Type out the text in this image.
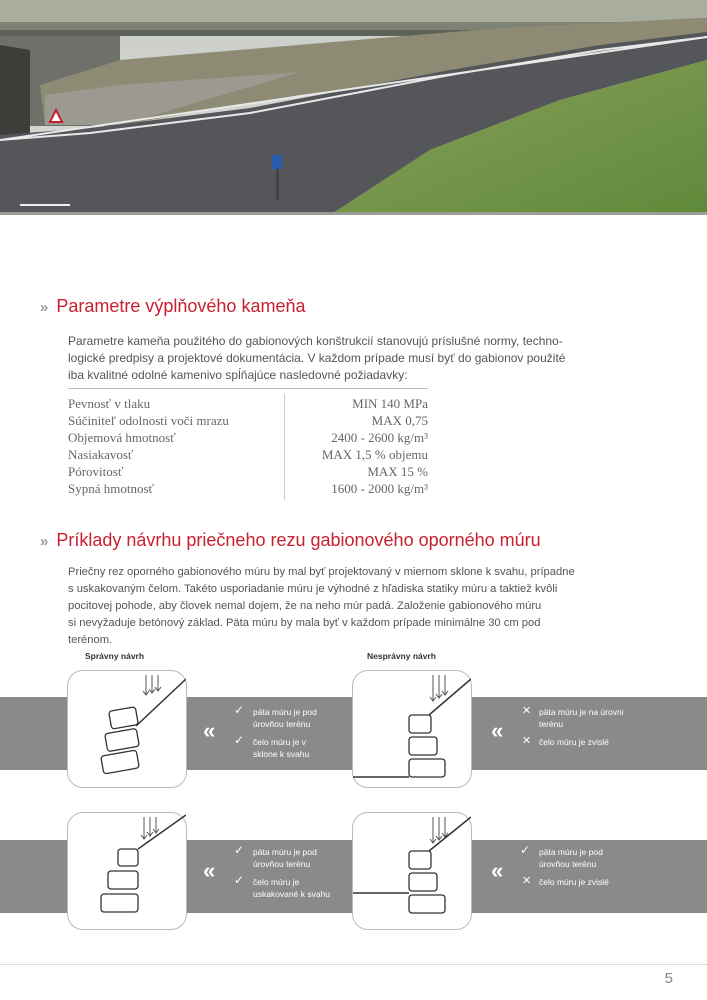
» Parametre výplňového kameňa
Parametre kameňa použitého do gabionových konštrukcií stanovujú príslušné normy, techno-
logické predpisy a projektové dokumentácia. V každom prípade musí byť do gabionov použité
iba kvalitné odolné kamenivo spĺňajúce nasledovné požiadavky:
Pevnosť v tlaku	MIN 140 MPa
Súčiniteľ odolnosti voči mrazu	MAX 0,75
Objemová hmotnosť	2400 - 2600 kg/m³
Nasiakavosť	MAX 1,5 % objemu
Pórovitosť	MAX 15 %
Sypná hmotnosť	1600 - 2000 kg/m³
» Príklady návrhu priečneho rezu gabionového oporného múru
Priečny rez oporného gabionového múru by mal byť projektovaný v miernom sklone k svahu, prípadne
s uskakovaným čelom. Takéto usporiadanie múru je výhodné z hľadiska statiky múru a taktiež kvôli
pocitovej pohode, aby človek nemal dojem, že na neho múr padá. Založenie gabionového múru
si nevyžaduje betónový základ. Päta múru by mala byť v každom prípade minimálne 30 cm pod terénom.
Správny návrh	Nesprávny návrh
«
✓ päta múru je pod
úrovňou terénu
✓ čelo múru je v
sklone k svahu
«
✕ päta múru je na úrovni
terénu
✕ čelo múru je zvislé
«
✓ päta múru je pod
úrovňou terénu
✓ čelo múru je
uskakované k svahu
«
✓ päta múru je pod
úrovňou terénu
✕ čelo múru je zvislé
5
